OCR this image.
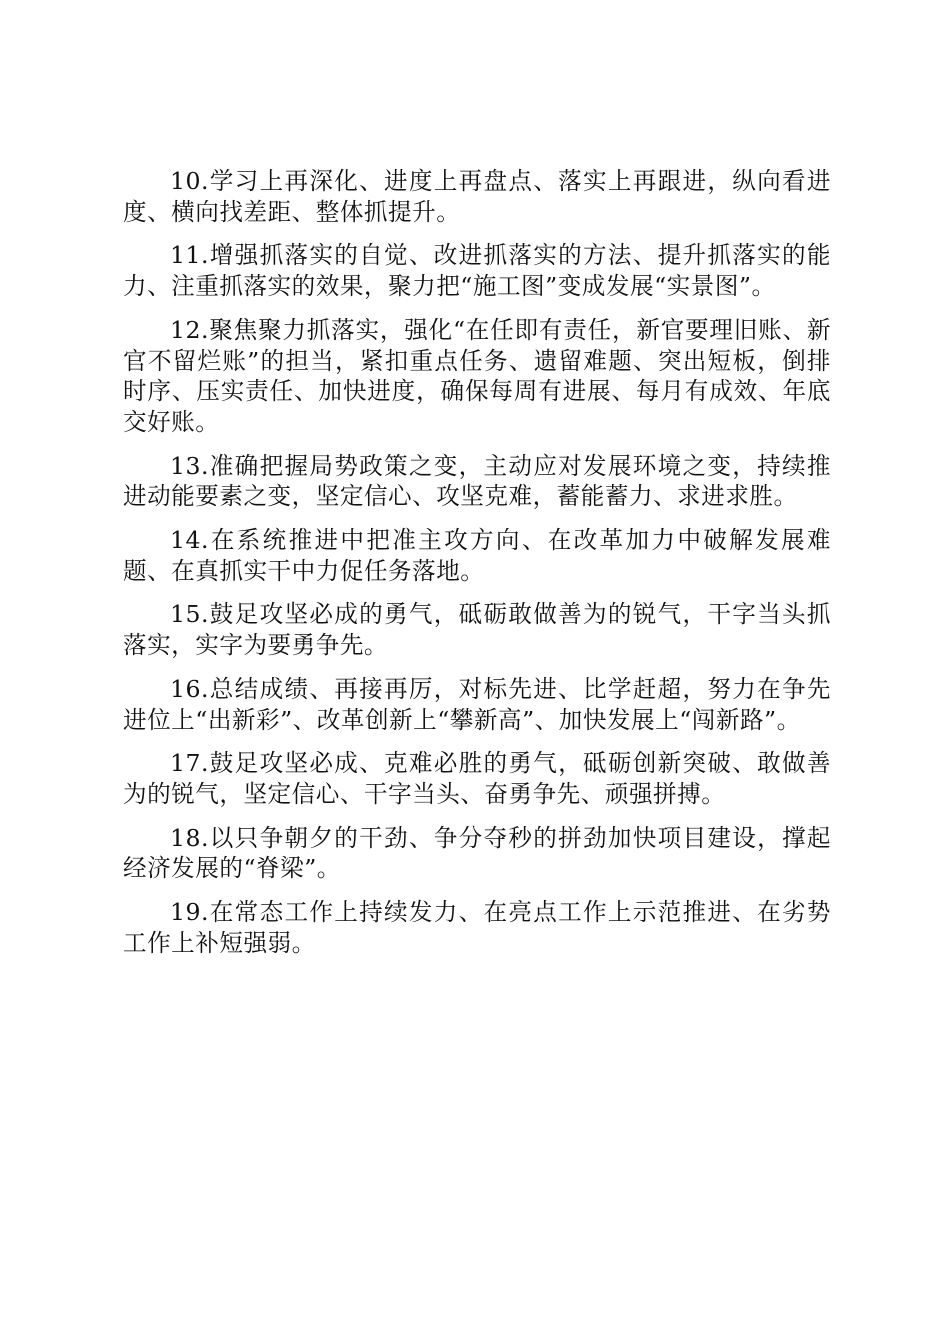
10.学习上再深化、进度上再盘点、落实上再跟进，纵向看进度、横向找差距、整体抓提升。

11.增强抓落实的自觉、改进抓落实的方法、提升抓落实的能力、注重抓落实的效果，聚力把“施工图”变成发展“实景图”。

12.聚焦聚力抓落实，强化“在任即有责任，新官要理旧账、新官不留烂账”的担当，紧扣重点任务、遗留难题、突出短板，倒排时序、压实责任、加快进度，确保每周有进展、每月有成效、年底交好账。

13.准确把握局势政策之变，主动应对发展环境之变，持续推进动能要素之变，坚定信心、攻坚克难，蓄能蓄力、求进求胜。

14.在系统推进中把准主攻方向、在改革加力中破解发展难题、在真抓实干中力促任务落地。

15.鼓足攻坚必成的勇气，砥砺敢做善为的锐气，干字当头抓落实，实字为要勇争先。

16.总结成绩、再接再厉，对标先进、比学赶超，努力在争先进位上“出新彩”、改革创新上“攀新高”、加快发展上“闯新路”。

17.鼓足攻坚必成、克难必胜的勇气，砥砺创新突破、敢做善为的锐气，坚定信心、干字当头、奋勇争先、顽强拼搏。

18.以只争朝夕的干劲、争分夺秒的拼劲加快项目建设，撑起经济发展的“脊梁”。

19.在常态工作上持续发力、在亮点工作上示范推进、在劣势工作上补短强弱。
